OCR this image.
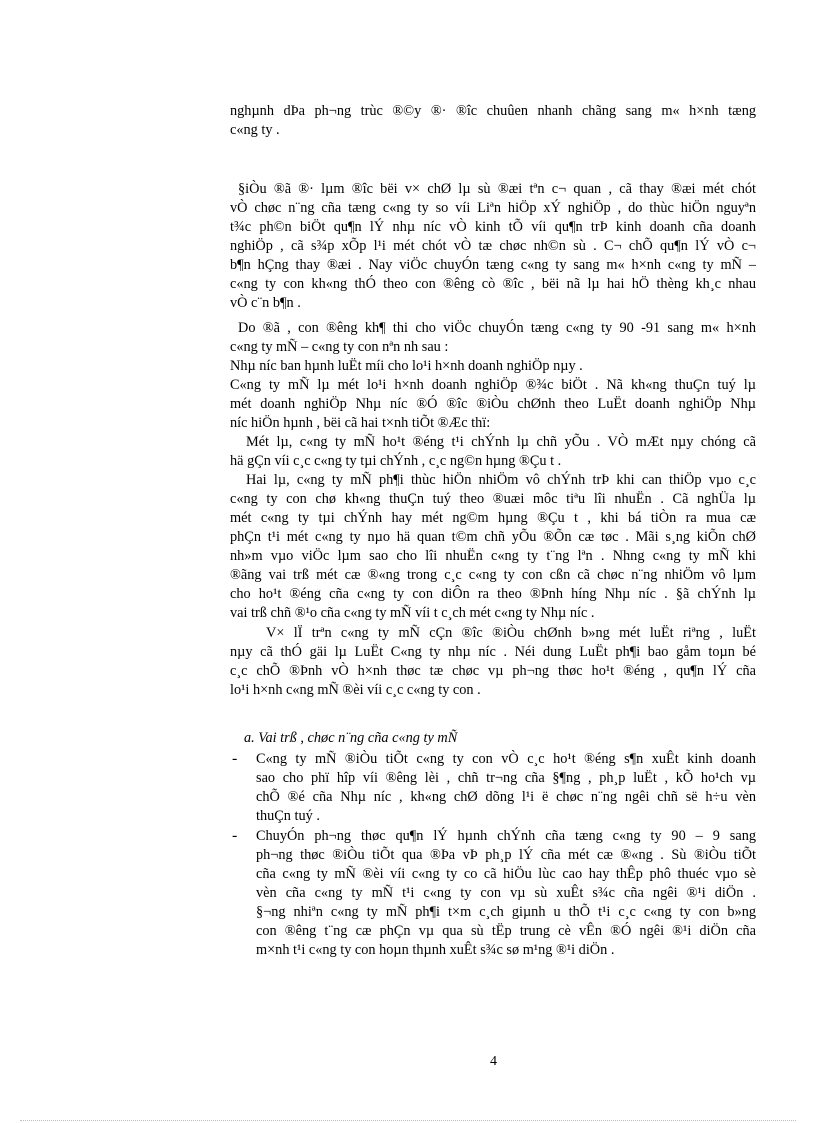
nghµnh dÞa ph¬ng trùc ®©y ®· ®îc chuûen nhanh chãng sang m« h×nh tæng
c«ng ty .
§iÒu ®ã ®· lµm ®îc bëi v× chØ lµ sù ®æi tªn c¬ quan , cã thay ®æi mét chót
vÒ chøc n¨ng cña tæng c«ng ty so víi Liªn hiÖp xÝ nghiÖp , do thùc hiÖn nguyªn
t¾c ph©n biÖt qu¶n lÝ nhµ níc vÒ kinh tÕ víi qu¶n trÞ kinh doanh cña doanh
nghiÖp , cã s¾p xÕp l¹i mét chót vÒ tæ chøc nh©n sù . C¬ chÕ qu¶n lÝ vÒ c¬
b¶n hÇng thay ®æi . Nay viÖc chuyÓn tæng c«ng ty sang m« h×nh c«ng ty mÑ –
c«ng ty con kh«ng thÓ theo con ®êng cò ®îc , bëi nã lµ hai hÖ thèng kh¸c nhau
vÒ c¨n b¶n .
Do ®ã , con ®êng kh¶ thi cho viÖc chuyÓn tæng c«ng ty 90 -91 sang m« h×nh
c«ng ty mÑ – c«ng ty con nªn nh sau :
Nhµ níc ban hµnh luËt míi cho lo¹i h×nh doanh nghiÖp nµy .
C«ng ty mÑ lµ mét lo¹i h×nh doanh nghiÖp ®¾c biÖt . Nã kh«ng thuÇn tuý lµ
mét doanh nghiÖp Nhµ níc ®Ó ®îc ®iÒu chØnh theo LuËt doanh nghiÖp Nhµ
níc hiÖn hµnh , bëi cã hai t×nh tiÕt ®Æc thï:
Mét lµ, c«ng ty mÑ ho¹t ®éng t¹i chÝnh lµ chñ yÕu . VÒ mÆt nµy chóng cã
hä gÇn víi c¸c c«ng ty tµi chÝnh , c¸c ng©n hµng ®Çu t .
Hai lµ, c«ng ty mÑ ph¶i thùc hiÖn nhiÖm vô chÝnh trÞ khi can thiÖp vµo c¸c
c«ng ty con chø kh«ng thuÇn tuý theo ®uæi môc tiªu lîi nhuËn . Cã nghÜa lµ
mét c«ng ty tµi chÝnh hay mét ng©m hµng ®Çu t , khi bá tiÒn ra mua cæ
phÇn t¹i mét c«ng ty nµo hä quan t©m chñ yÕu ®Õn cæ tøc . Mãi s¸ng kiÕn chØ
nh»m vµo viÖc lµm sao cho lîi nhuËn c«ng ty t¨ng lªn . Nhng c«ng ty mÑ khi
®ãng vai trß mét cæ ®«ng trong c¸c c«ng ty con cßn cã chøc n¨ng nhiÖm vô lµm
cho ho¹t ®éng cña c«ng ty con diÔn ra theo ®Þnh híng Nhµ níc . §ã chÝnh lµ
vai trß chñ ®¹o cña c«ng ty mÑ víi t c¸ch mét c«ng ty Nhµ níc .
V× lÏ trªn c«ng ty mÑ cÇn ®îc ®iÒu chØnh b»ng mét luËt riªng , luËt
nµy cã thÓ gäi lµ LuËt C«ng ty nhµ níc . Néi dung LuËt ph¶i bao gåm toµn bé
c¸c chÕ ®Þnh vÒ h×nh thøc tæ chøc vµ ph¬ng thøc ho¹t ®éng , qu¶n lÝ cña
lo¹i h×nh c«ng mÑ ®èi víi c¸c c«ng ty con .
a. Vai trß , chøc n¨ng cña c«ng ty mÑ
- C«ng ty mÑ ®iÒu tiÕt c«ng ty con vÒ c¸c ho¹t ®éng s¶n xuÊt kinh doanh
sao cho phï hîp víi ®êng lèi , chñ tr¬ng cña §¶ng , ph¸p luËt , kÕ ho¹ch vµ
chÕ ®é cña Nhµ níc , kh«ng chØ dõng l¹i ë chøc n¨ng ngêi chñ së h÷u vèn
thuÇn tuý .
- ChuyÓn ph¬ng thøc qu¶n lÝ hµnh chÝnh cña tæng c«ng ty 90 – 9 sang
ph¬ng thøc ®iÒu tiÕt qua ®Þa vÞ ph¸p lÝ cña mét cæ ®«ng . Sù ®iÒu tiÕt
cña c«ng ty mÑ ®èi víi c«ng ty co cã hiÖu lùc cao hay thÊp phô thuéc vµo sè
vèn cña c«ng ty mÑ t¹i c«ng ty con vµ sù xuÊt s¾c cña ngêi ®¹i diÖn .
§¬ng nhiªn c«ng ty mÑ ph¶i t×m c¸ch giµnh u thÕ t¹i c¸c c«ng ty con b»ng
con ®êng t¨ng cæ phÇn vµ qua sù tËp trung cè vÊn ®Ó ngêi ®¹i diÖn cña
m×nh t¹i c«ng ty con hoµn thµnh xuÊt s¾c sø m¹ng ®¹i diÖn .
4
